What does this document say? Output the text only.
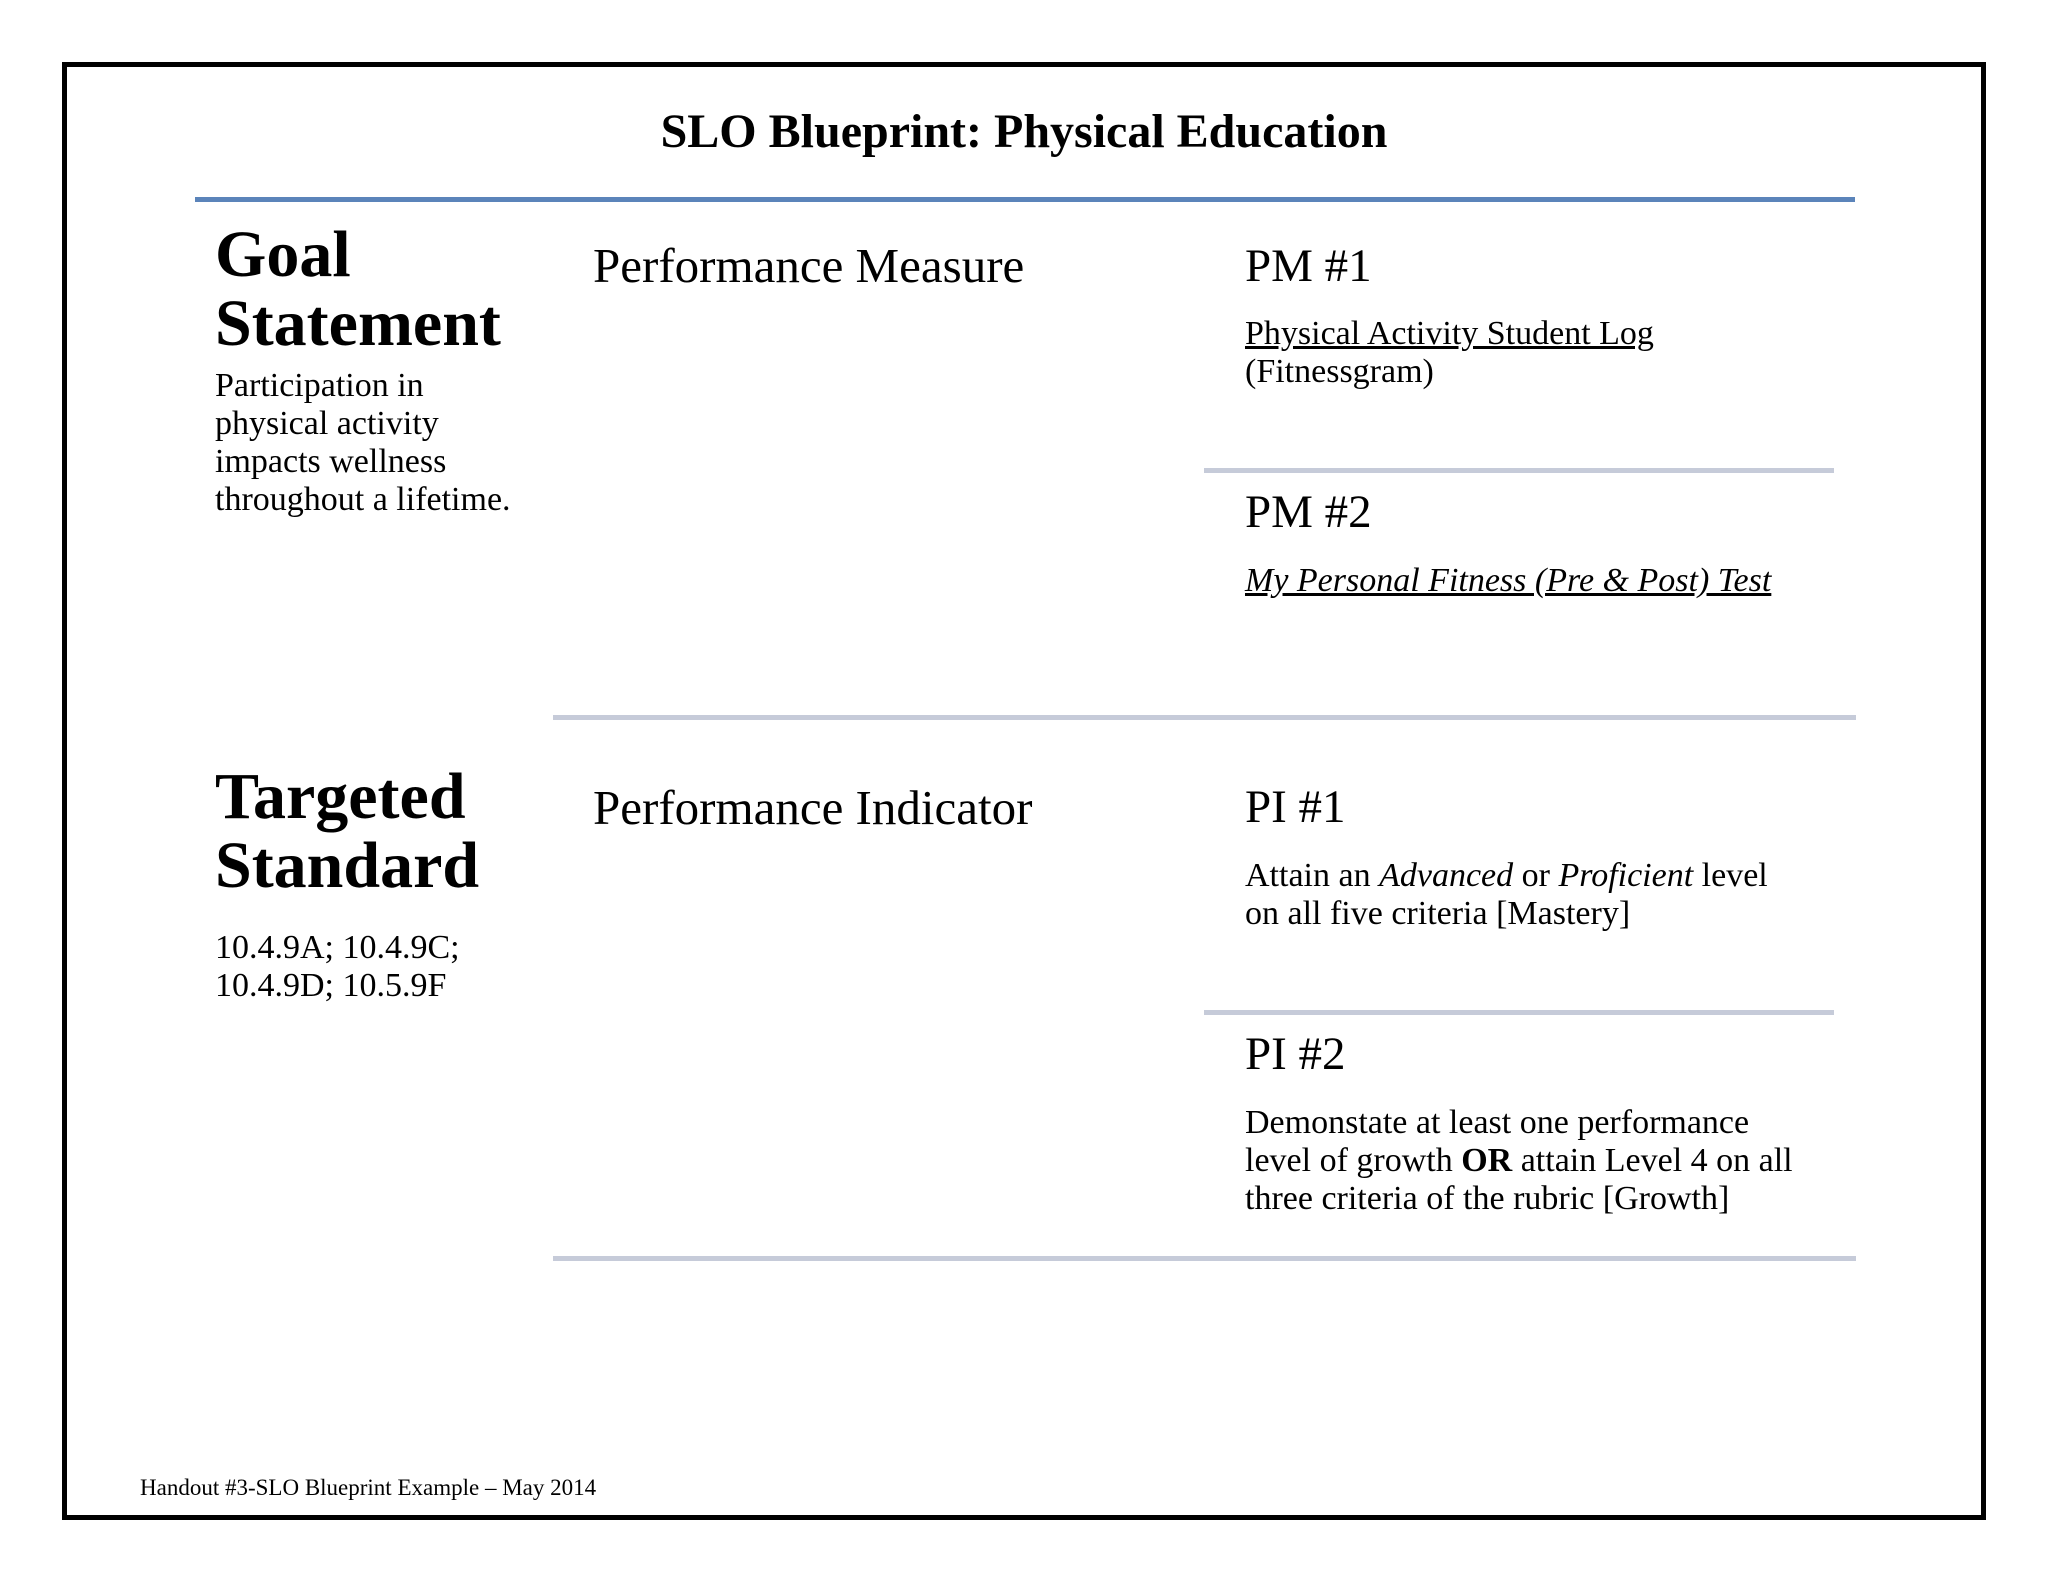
SLO Blueprint: Physical Education
Goal
Statement
Participation in
physical activity
impacts wellness
throughout a lifetime.
Performance Measure	PM #1
Physical Activity Student Log
(Fitnessgram)
PM #2
My Personal Fitness (Pre & Post) Test
Targeted
Standard
10.4.9A; 10.4.9C;
10.4.9D; 10.5.9F
Performance Indicator	PI #1
Attain an Advanced or Proficient level
on all five criteria [Mastery]
PI #2
Demonstate at least one performance
level of growth OR attain Level 4 on all
three criteria of the rubric [Growth]
Handout #3-SLO Blueprint Example – May 2014
